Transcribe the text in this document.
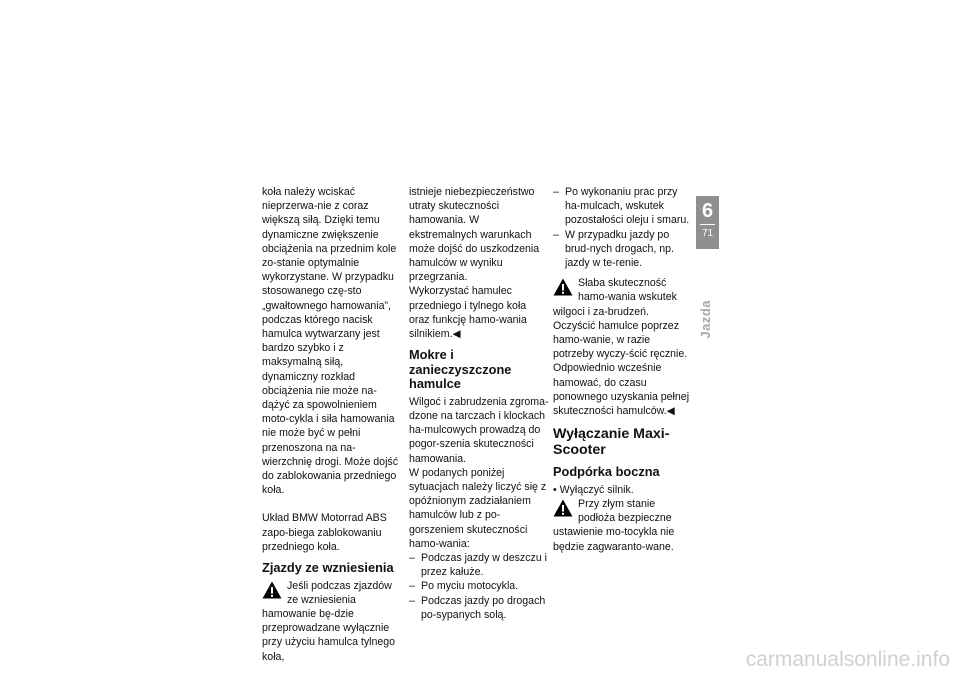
koła należy wciskać nieprzerwa-nie z coraz większą siłą. Dzięki temu dynamiczne zwiększenie obciążenia na przednim kole zo-stanie optymalnie wykorzystane. W przypadku stosowanego czę-sto „gwałtownego hamowania”, podczas którego nacisk hamulca wytwarzany jest bardzo szybko i z maksymalną siłą, dynamiczny rozkład obciążenia nie może na-dążyć za spowolnieniem moto-cykla i siła hamowania nie może być w pełni przenoszona na na-wierzchnię drogi. Może dojść do zablokowania przedniego koła.

Układ BMW Motorrad ABS zapo-biega zablokowaniu przedniego koła.

Zjazdy ze wzniesienia

Jeśli podczas zjazdów ze wzniesienia hamowanie bę-dzie przeprowadzane wyłącznie przy użyciu hamulca tylnego koła,

istnieje niebezpieczeństwo utraty skuteczności hamowania. W ekstremalnych warunkach może dojść do uszkodzenia hamulców w wyniku przegrzania.

Wykorzystać hamulec przedniego i tylnego koła oraz funkcję hamo-wania silnikiem.◀

Mokre i zanieczyszczone hamulce

Wilgoć i zabrudzenia zgroma-dzone na tarczach i klockach ha-mulcowych prowadzą do pogor-szenia skuteczności hamowania.

W podanych poniżej sytuacjach należy liczyć się z opóźnionym zadziałaniem hamulców lub z po-gorszeniem skuteczności hamo-wania:

– Podczas jazdy w deszczu i przez kałuże.

– Po myciu motocykla.

– Podczas jazdy po drogach po-sypanych solą.

– Po wykonaniu prac przy ha-mulcach, wskutek pozostałości oleju i smaru.

– W przypadku jazdy po brud-nych drogach, np. jazdy w te-renie.

Słaba skuteczność hamo-wania wskutek wilgoci i za-brudzeń.

Oczyścić hamulce poprzez hamo-wanie, w razie potrzeby wyczy-ścić ręcznie.

Odpowiednio wcześnie hamować, do czasu ponownego uzyskania pełnej skuteczności hamulców.◀

Wyłączanie Maxi-Scooter
Podpórka boczna

• Wyłączyć silnik.

Przy złym stanie podłoża bezpieczne ustawienie mo-tocykla nie będzie zagwaranto-wane.

6
71
Jazda
carmanualsonline.info
